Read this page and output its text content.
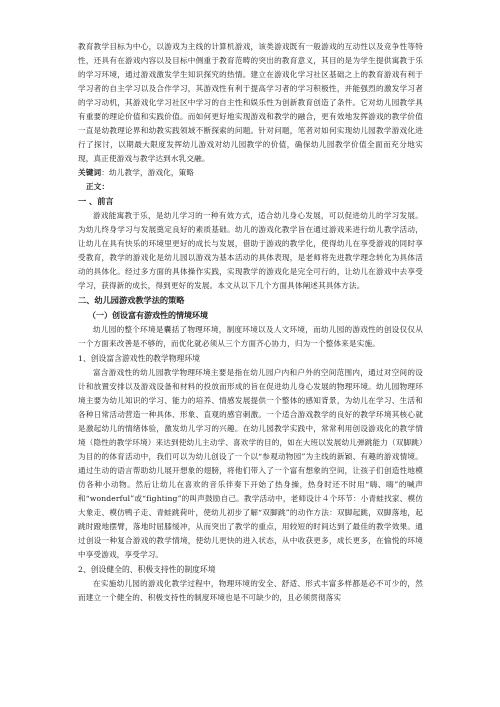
教育教学目标为中心，以游戏为主线的计算机游戏，该类游戏既有一般游戏的互动性以及竞争性等特性，还具有在游戏内容以及目标中侧重于教育范畴的突出的教育意义，其目的是为学生提供寓教于乐的学习环境，通过游戏激发学生知识探究的热情。建立在游戏化学习社区基础之上的教育游戏有利于学习者的自主学习以及合作学习，其游戏性有利于提高学习者的学习积极性，并能强烈的激发学习者的学习动机，其游戏化学习社区中学习的自主性和娱乐性为创新教育创造了条件。它对幼儿园教学具有重要的理论价值和实践价值。而如何更好地实现游戏和教学的融合，更有效地发挥游戏的教学价值一直是幼教理论界和幼教实践领域不断探索的问题。针对问题，笔者对如何实现幼儿园教学游戏化进行了探讨，以期最大限度发挥幼儿游戏对幼儿园教学的价值，确保幼儿园教学价值全面而充分地实现，真正使游戏与教学达到水乳交融。

关键词：幼儿教学，游戏化，策略

正文：

一 、前言

游戏能寓教于乐，是幼儿学习的一种有效方式，适合幼儿身心发展，可以促进幼儿的学习发展。为幼儿终身学习与发展奠定良好的素质基础。幼儿的游戏化教学旨在通过游戏来进行幼儿教学活动，让幼儿在具有快乐的环境里更好的成长与发展，借助于游戏的教学化，使得幼儿在享受游戏的同时享受教育，教学的游戏化是幼儿园以游戏为基本活动的具体表现，是老师将先进教学理念转化为具体活动的具体化。经过多方面的具体操作实践，实现教学的游戏化是完全可行的，让幼儿在游戏中去享受学习，获得新的成长，得到更好的发展。本文从以下几个方面具体阐述其具体方法。

二、幼儿园游戏教学法的策略

（一）创设富有游戏性的情境环境

幼儿园的整个环境是囊括了物理环境，制度环境以及人文环境，而幼儿园的游戏性的创设仅仅从一个方面来改善是不够的，而优化就必须从三个方面齐心协力，归为一个整体来是实施。

1、创设富含游戏性的教学物理环境

富含游戏性的幼儿园教学物理环境主要是指在幼儿园户内和户外的空间范围内，通过对空间的设计和放置安排以及游戏设备和材料的投放而形成的旨在促进幼儿身心发展的物理环境。幼儿园物理环境主要为幼儿知识的学习、能力的培养、情感发展提供一个整体的感知背景，为幼儿在学习、生活和各种日常活动营造一种具体、形象、直观的感官刺激。一个适合游戏教学的良好的教学环境其核心就是激起幼儿的情绪体验，激发幼儿学习的兴趣。在幼儿园教学实践中，常常利用创设游戏化的教学情境（隐性的教学环境）来达到使幼儿主动学、喜欢学的目的，如在大班以发展幼儿弹跳能力（双脚跳）为目的的体育活动中，我们可以为幼儿创设了一个以“参观动物园”为主线的新颖、有趣的游戏情境。通过生动的语言帮助幼儿展开想象的翅膀，将他们带入了一个富有想象的空间，让孩子们创造性地模仿各种小动物。然后让幼儿在喜欢的音乐伴奏下开始了热身操，热身时还不时用“嗨、嗨”的喊声和“wonderful”或“fighting”的叫声鼓励自己。教学活动中，老师设计４个环节：小青蛙找家、模仿大象走、模仿鸭子走、青蛙跳荷叶，使幼儿初步了解“双脚跳”的动作方法：双脚起跳，双脚落地，起跳时蹬地摆臂，落地时屈膝缓冲，从而突出了教学的重点，用较短的时间达到了最佳的教学效果。通过创设一种复合游戏的教学情境，使幼儿更快的进入状态，从中收获更多，成长更多，在愉悦的环境中享受游戏，享受学习。

2、创设健全的、积极支持性的制度环境

在实施幼儿园的游戏化教学过程中，物理环境的安全、舒适、形式丰富多样都是必不可少的，然而建立一个健全的、积极支持性的制度环境也是不可缺少的，且必须贯彻落实
